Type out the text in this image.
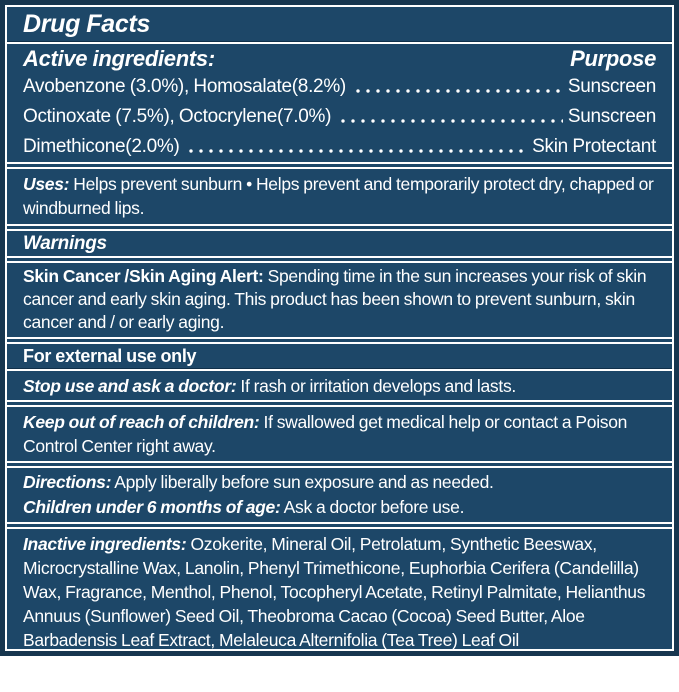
Drug Facts
Active ingredients:	Purpose
Avobenzone (3.0%), Homosalate(8.2%)	Sunscreen
Octinoxate (7.5%), Octocrylene(7.0%)	Sunscreen
Dimethicone(2.0%)	Skin Protectant
Uses: Helps prevent sunburn • Helps prevent and temporarily protect dry, chapped or windburned lips.
Warnings
Skin Cancer /Skin Aging Alert: Spending time in the sun increases your risk of skin cancer and early skin aging. This product has been shown to prevent sunburn, skin cancer and / or early aging.
For external use only
Stop use and ask a doctor: If rash or irritation develops and lasts.
Keep out of reach of children: If swallowed get medical help or contact a Poison Control Center right away.
Directions: Apply liberally before sun exposure and as needed.
Children under 6 months of age: Ask a doctor before use.
Inactive ingredients: Ozokerite, Mineral Oil, Petrolatum, Synthetic Beeswax, Microcrystalline Wax, Lanolin, Phenyl Trimethicone, Euphorbia Cerifera (Candelilla) Wax, Fragrance, Menthol, Phenol, Tocopheryl Acetate, Retinyl Palmitate, Helianthus Annuus (Sunflower) Seed Oil, Theobroma Cacao (Cocoa) Seed Butter, Aloe Barbadensis Leaf Extract, Melaleuca Alternifolia (Tea Tree) Leaf Oil
QUESTIONS? 1-203-858-2663
